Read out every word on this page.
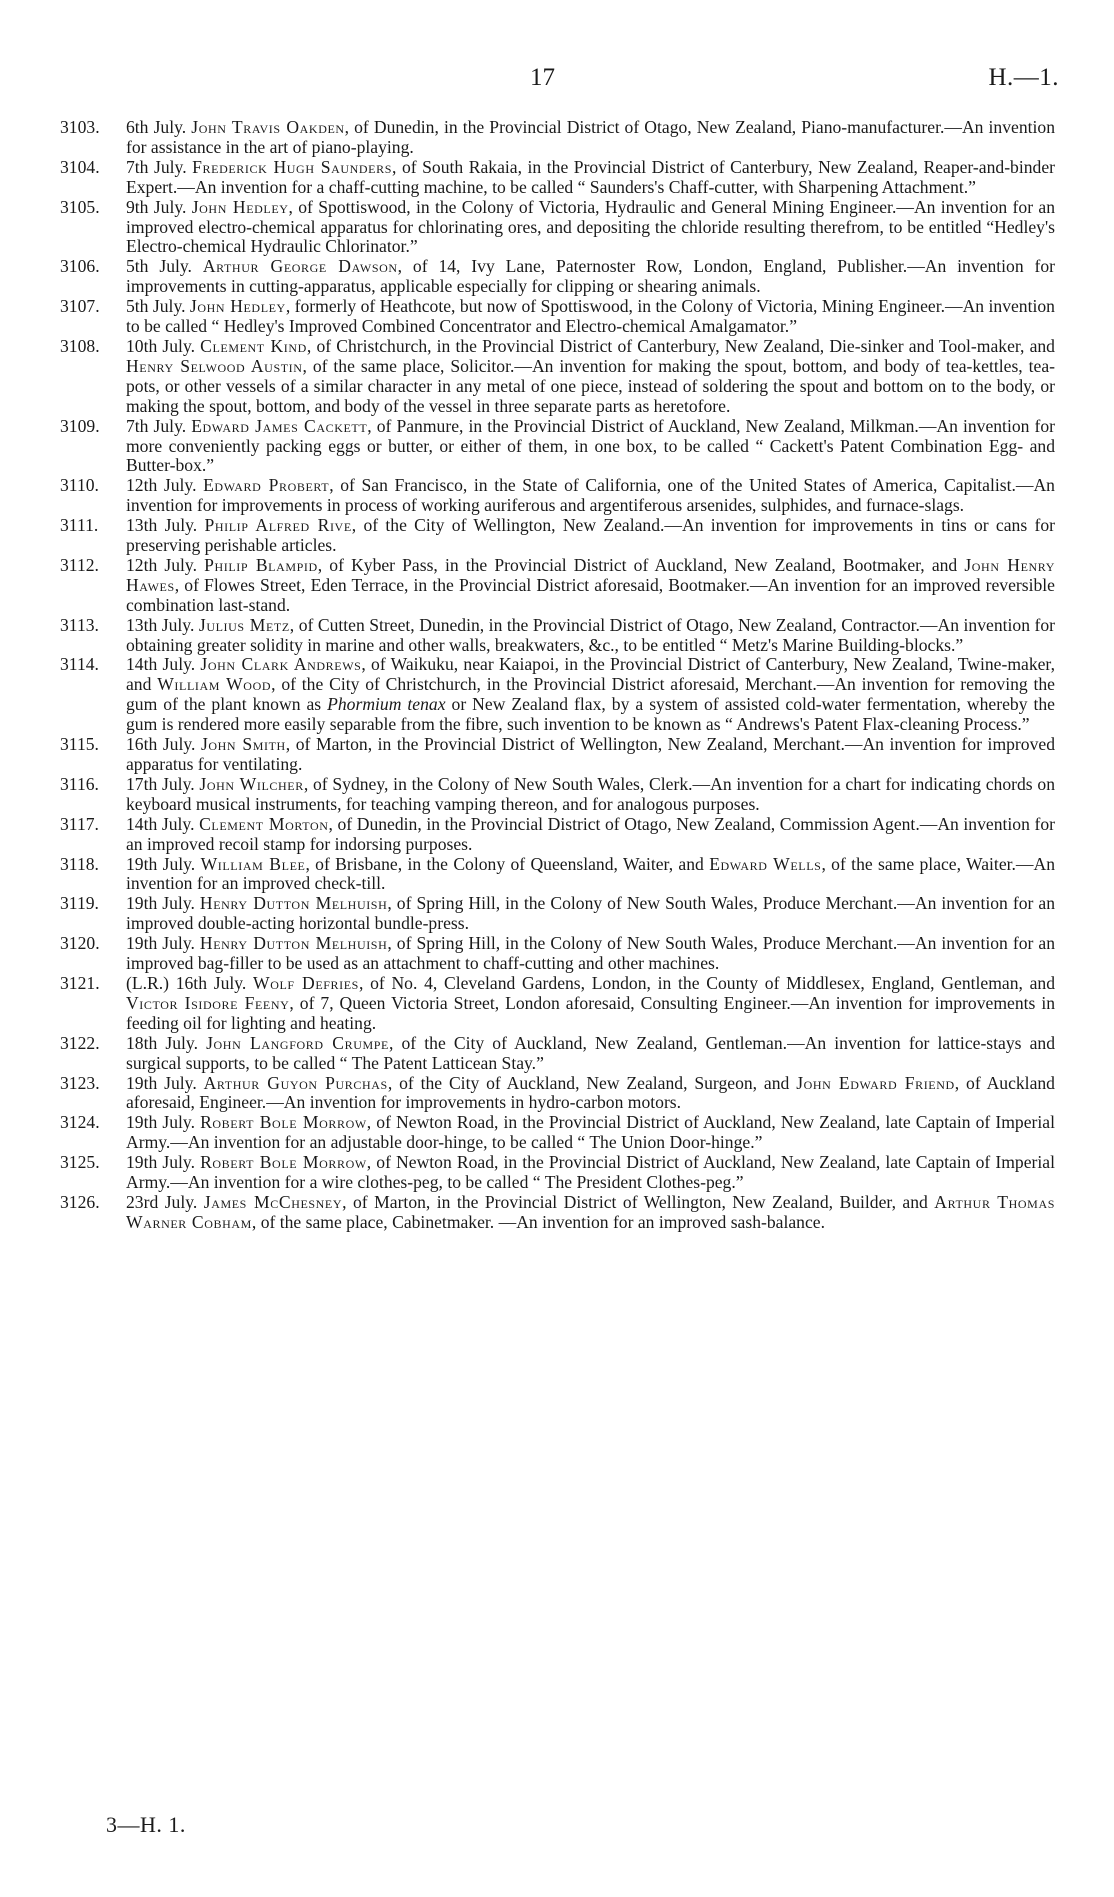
17	H.—1.

3103. 6th July. John Travis Oakden, of Dunedin, in the Provincial District of Otago, New Zealand, Piano-manufacturer.—An invention for assistance in the art of piano-playing.

3104. 7th July. Frederick Hugh Saunders, of South Rakaia, in the Provincial District of Canterbury, New Zealand, Reaper-and-binder Expert.—An invention for a chaff-cutting machine, to be called “ Saunders's Chaff-cutter, with Sharpening Attachment.”

3105. 9th July. John Hedley, of Spottiswood, in the Colony of Victoria, Hydraulic and General Mining Engineer.—An invention for an improved electro-chemical apparatus for chlorinating ores, and depositing the chloride resulting therefrom, to be entitled “Hedley's Electro-chemical Hydraulic Chlorinator.”

3106. 5th July. Arthur George Dawson, of 14, Ivy Lane, Paternoster Row, London, England, Publisher.—An invention for improvements in cutting-apparatus, applicable especially for clipping or shearing animals.

3107. 5th July. John Hedley, formerly of Heathcote, but now of Spottiswood, in the Colony of Victoria, Mining Engineer.—An invention to be called “ Hedley's Improved Combined Concentrator and Electro-chemical Amalgamator.”

3108. 10th July. Clement Kind, of Christchurch, in the Provincial District of Canterbury, New Zealand, Die-sinker and Tool-maker, and Henry Selwood Austin, of the same place, Solicitor.—An invention for making the spout, bottom, and body of tea-kettles, tea-pots, or other vessels of a similar character in any metal of one piece, instead of soldering the spout and bottom on to the body, or making the spout, bottom, and body of the vessel in three separate parts as heretofore.

3109. 7th July. Edward James Cackett, of Panmure, in the Provincial District of Auckland, New Zealand, Milkman.—An invention for more conveniently packing eggs or butter, or either of them, in one box, to be called “ Cackett's Patent Combination Egg- and Butter-box.”

3110. 12th July. Edward Probert, of San Francisco, in the State of California, one of the United States of America, Capitalist.—An invention for improvements in process of working auriferous and argentiferous arsenides, sulphides, and furnace-slags.

3111. 13th July. Philip Alfred Rive, of the City of Wellington, New Zealand.—An invention for improvements in tins or cans for preserving perishable articles.

3112. 12th July. Philip Blampid, of Kyber Pass, in the Provincial District of Auckland, New Zealand, Bootmaker, and John Henry Hawes, of Flowes Street, Eden Terrace, in the Provincial District aforesaid, Bootmaker.—An invention for an improved reversible combination last-stand.

3113. 13th July. Julius Metz, of Cutten Street, Dunedin, in the Provincial District of Otago, New Zealand, Contractor.—An invention for obtaining greater solidity in marine and other walls, breakwaters, &c., to be entitled “ Metz's Marine Building-blocks.”

3114. 14th July. John Clark Andrews, of Waikuku, near Kaiapoi, in the Provincial District of Canterbury, New Zealand, Twine-maker, and William Wood, of the City of Christchurch, in the Provincial District aforesaid, Merchant.—An invention for removing the gum of the plant known as Phormium tenax or New Zealand flax, by a system of assisted cold-water fermentation, whereby the gum is rendered more easily separable from the fibre, such invention to be known as “ Andrews's Patent Flax-cleaning Process.”

3115. 16th July. John Smith, of Marton, in the Provincial District of Wellington, New Zealand, Merchant.—An invention for improved apparatus for ventilating.

3116. 17th July. John Wilcher, of Sydney, in the Colony of New South Wales, Clerk.—An invention for a chart for indicating chords on keyboard musical instruments, for teaching vamping thereon, and for analogous purposes.

3117. 14th July. Clement Morton, of Dunedin, in the Provincial District of Otago, New Zealand, Commission Agent.—An invention for an improved recoil stamp for indorsing purposes.

3118. 19th July. William Blee, of Brisbane, in the Colony of Queensland, Waiter, and Edward Wells, of the same place, Waiter.—An invention for an improved check-till.

3119. 19th July. Henry Dutton Melhuish, of Spring Hill, in the Colony of New South Wales, Produce Merchant.—An invention for an improved double-acting horizontal bundle-press.

3120. 19th July. Henry Dutton Melhuish, of Spring Hill, in the Colony of New South Wales, Produce Merchant.—An invention for an improved bag-filler to be used as an attachment to chaff-cutting and other machines.

3121. (L.R.) 16th July. Wolf Defries, of No. 4, Cleveland Gardens, London, in the County of Middlesex, England, Gentleman, and Victor Isidore Feeny, of 7, Queen Victoria Street, London aforesaid, Consulting Engineer.—An invention for improvements in feeding oil for lighting and heating.

3122. 18th July. John Langford Crumpe, of the City of Auckland, New Zealand, Gentleman.—An invention for lattice-stays and surgical supports, to be called “ The Patent Latticean Stay.”

3123. 19th July. Arthur Guyon Purchas, of the City of Auckland, New Zealand, Surgeon, and John Edward Friend, of Auckland aforesaid, Engineer.—An invention for improvements in hydro-carbon motors.

3124. 19th July. Robert Bole Morrow, of Newton Road, in the Provincial District of Auckland, New Zealand, late Captain of Imperial Army.—An invention for an adjustable door-hinge, to be called “ The Union Door-hinge.”

3125. 19th July. Robert Bole Morrow, of Newton Road, in the Provincial District of Auckland, New Zealand, late Captain of Imperial Army.—An invention for a wire clothes-peg, to be called “ The President Clothes-peg.”

3126. 23rd July. James McChesney, of Marton, in the Provincial District of Wellington, New Zealand, Builder, and Arthur Thomas Warner Cobham, of the same place, Cabinetmaker. —An invention for an improved sash-balance.

3—H. 1.
